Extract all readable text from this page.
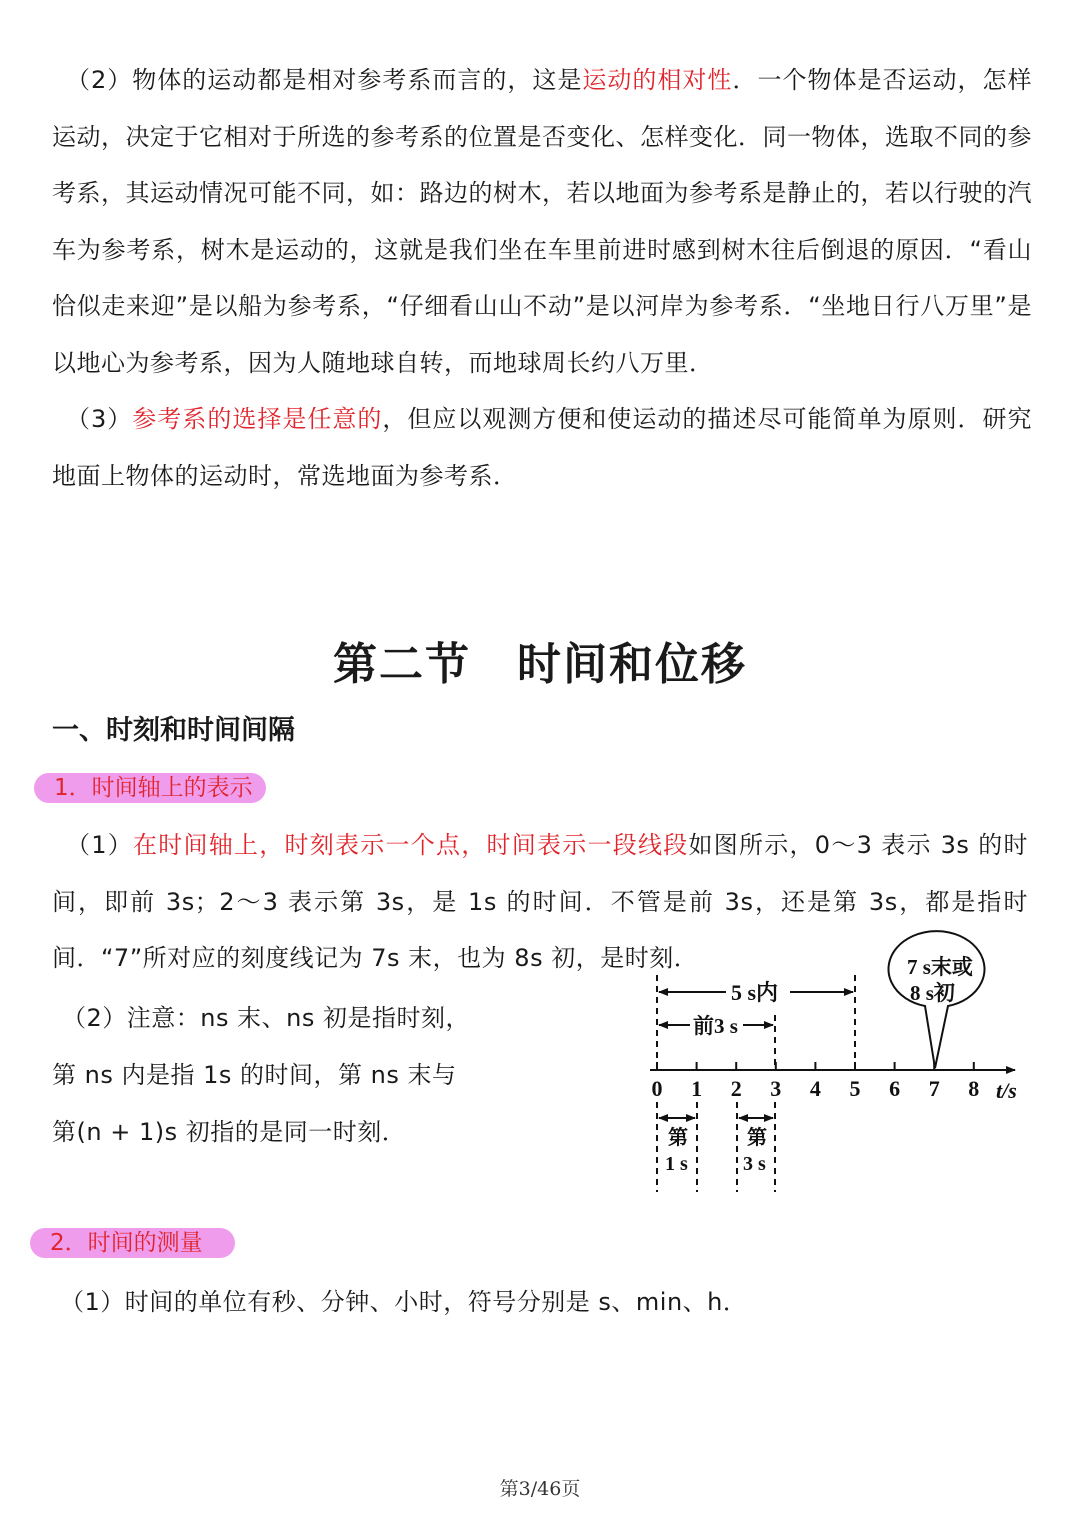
（2）物体的运动都是相对参考系而言的，这是运动的相对性．一个物体是否运动，怎样运动，决定于它相对于所选的参考系的位置是否变化、怎样变化．同一物体，选取不同的参考系，其运动情况可能不同，如：路边的树木，若以地面为参考系是静止的，若以行驶的汽车为参考系，树木是运动的，这就是我们坐在车里前进时感到树木往后倒退的原因．“看山恰似走来迎”是以船为参考系，“仔细看山山不动”是以河岸为参考系．“坐地日行八万里”是以地心为参考系，因为人随地球自转，而地球周长约八万里．

（3）参考系的选择是任意的，但应以观测方便和使运动的描述尽可能简单为原则．研究地面上物体的运动时，常选地面为参考系．

第二节 时间和位移
一、时刻和时间间隔
1．时间轴上的表示

（1）在时间轴上，时刻表示一个点，时间表示一段线段如图所示，0～3 表示 3s 的时间，即前 3s；2～3 表示第 3s，是 1s 的时间．不管是前 3s，还是第 3s，都是指时间．“7”所对应的刻度线记为 7s 末，也为 8s 初，是时刻．

（2）注意：ns 末、ns 初是指时刻，
第 ns 内是指 1s 的时间，第 ns 末与
第(n + 1)s 初指的是同一时刻．
0 1 2 3 4 5 6 7 8 t/s
5 s内
前3 s
第
1 s
第
3 s
7 s末或
8 s初
2．时间的测量
（1）时间的单位有秒、分钟、小时，符号分别是 s、min、h．
第3/46页
